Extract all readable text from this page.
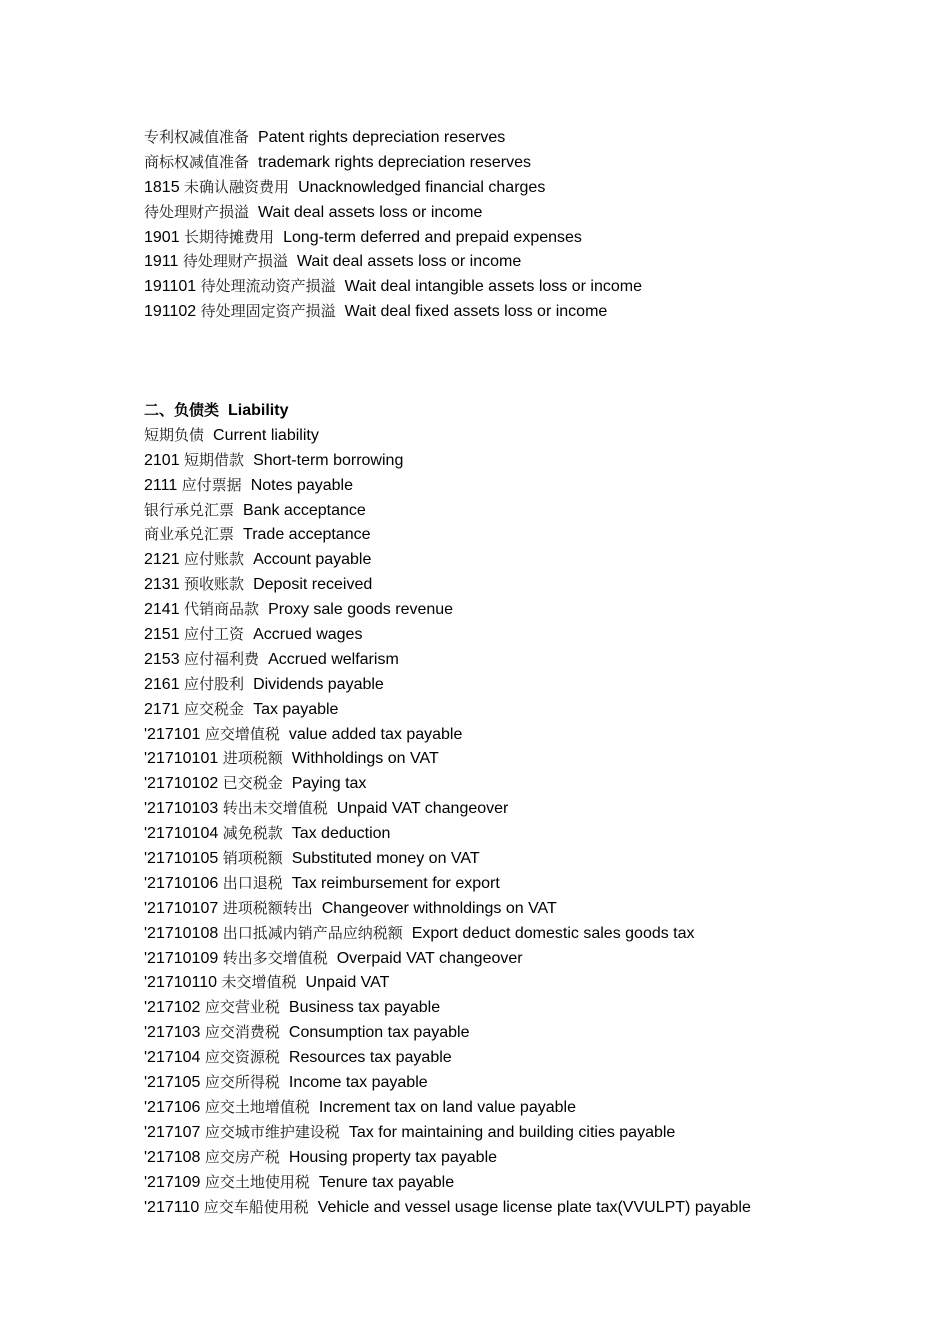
专利权减值准备 Patent rights depreciation reserves
商标权减值准备 trademark rights depreciation reserves
1815 未确认融资费用 Unacknowledged financial charges
待处理财产损溢 Wait deal assets loss or income
1901 长期待摊费用 Long-term deferred and prepaid expenses
1911 待处理财产损溢 Wait deal assets loss or income
191101 待处理流动资产损溢 Wait deal intangible assets loss or income
191102 待处理固定资产损溢 Wait deal fixed assets loss or income
二、负债类 Liability
短期负债 Current liability
2101 短期借款 Short-term borrowing
2111 应付票据 Notes payable
银行承兑汇票 Bank acceptance
商业承兑汇票 Trade acceptance
2121 应付账款 Account payable
2131 预收账款 Deposit received
2141 代销商品款 Proxy sale goods revenue
2151 应付工资 Accrued wages
2153 应付福利费 Accrued welfarism
2161 应付股利 Dividends payable
2171 应交税金 Tax payable
'217101 应交增值税 value added tax payable
'21710101 进项税额 Withholdings on VAT
'21710102 已交税金 Paying tax
'21710103 转出未交增值税 Unpaid VAT changeover
'21710104 减免税款 Tax deduction
'21710105 销项税额 Substituted money on VAT
'21710106 出口退税 Tax reimbursement for export
'21710107 进项税额转出 Changeover withnoldings on VAT
'21710108 出口抵减内销产品应纳税额 Export deduct domestic sales goods tax
'21710109 转出多交增值税 Overpaid VAT changeover
'21710110 未交增值税 Unpaid VAT
'217102 应交营业税 Business tax payable
'217103 应交消费税 Consumption tax payable
'217104 应交资源税 Resources tax payable
'217105 应交所得税 Income tax payable
'217106 应交土地增值税 Increment tax on land value payable
'217107 应交城市维护建设税 Tax for maintaining and building cities payable
'217108 应交房产税 Housing property tax payable
'217109 应交土地使用税 Tenure tax payable
'217110 应交车船使用税 Vehicle and vessel usage license plate tax(VVULPT) payable
